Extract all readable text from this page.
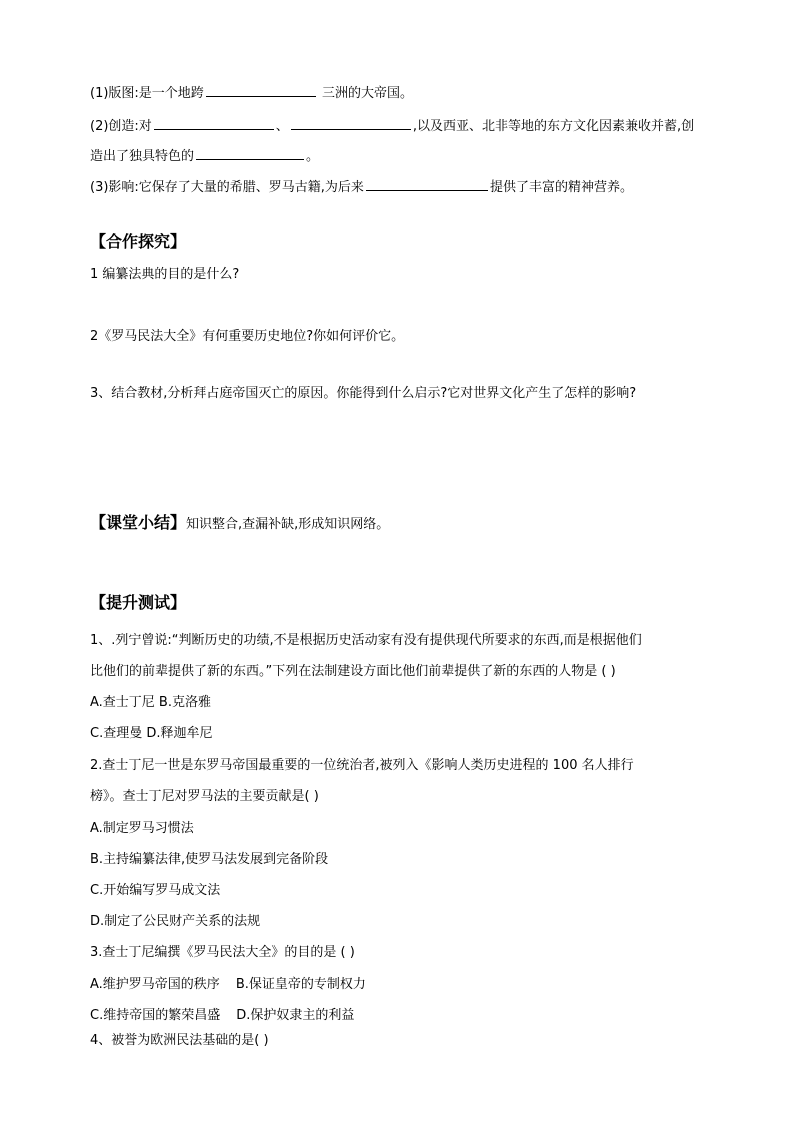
(1)版图:是一个地跨	三洲的大帝国。
(2)创造:对	、	,以及西亚、北非等地的东方文化因素兼收并蓄,创
造出了独具特色的	。
(3)影响:它保存了大量的希腊、罗马古籍,为后来	提供了丰富的精神营养。
【合作探究】
1 编纂法典的目的是什么?
2《罗马民法大全》有何重要历史地位?你如何评价它。
3、结合教材,分析拜占庭帝国灭亡的原因。你能得到什么启示?它对世界文化产生了怎样的影响?
【课堂小结】知识整合,查漏补缺,形成知识网络。
【提升测试】
1、.列宁曾说:“判断历史的功绩,不是根据历史活动家有没有提供现代所要求的东西,而是根据他们
比他们的前辈提供了新的东西。”下列在法制建设方面比他们前辈提供了新的东西的人物是 ( )
A.查士丁尼 B.克洛雅
C.查理曼 D.释迦牟尼
2.查士丁尼一世是东罗马帝国最重要的一位统治者,被列入《影响人类历史进程的 100 名人排行
榜》。查士丁尼对罗马法的主要贡献是( )
A.制定罗马习惯法
B.主持编纂法律,使罗马法发展到完备阶段
C.开始编写罗马成文法
D.制定了公民财产关系的法规
3.查士丁尼编撰《罗马民法大全》的目的是 ( )
A.维护罗马帝国的秩序 B.保证皇帝的专制权力
C.维持帝国的繁荣昌盛 D.保护奴隶主的利益
4、被誉为欧洲民法基础的是( )
